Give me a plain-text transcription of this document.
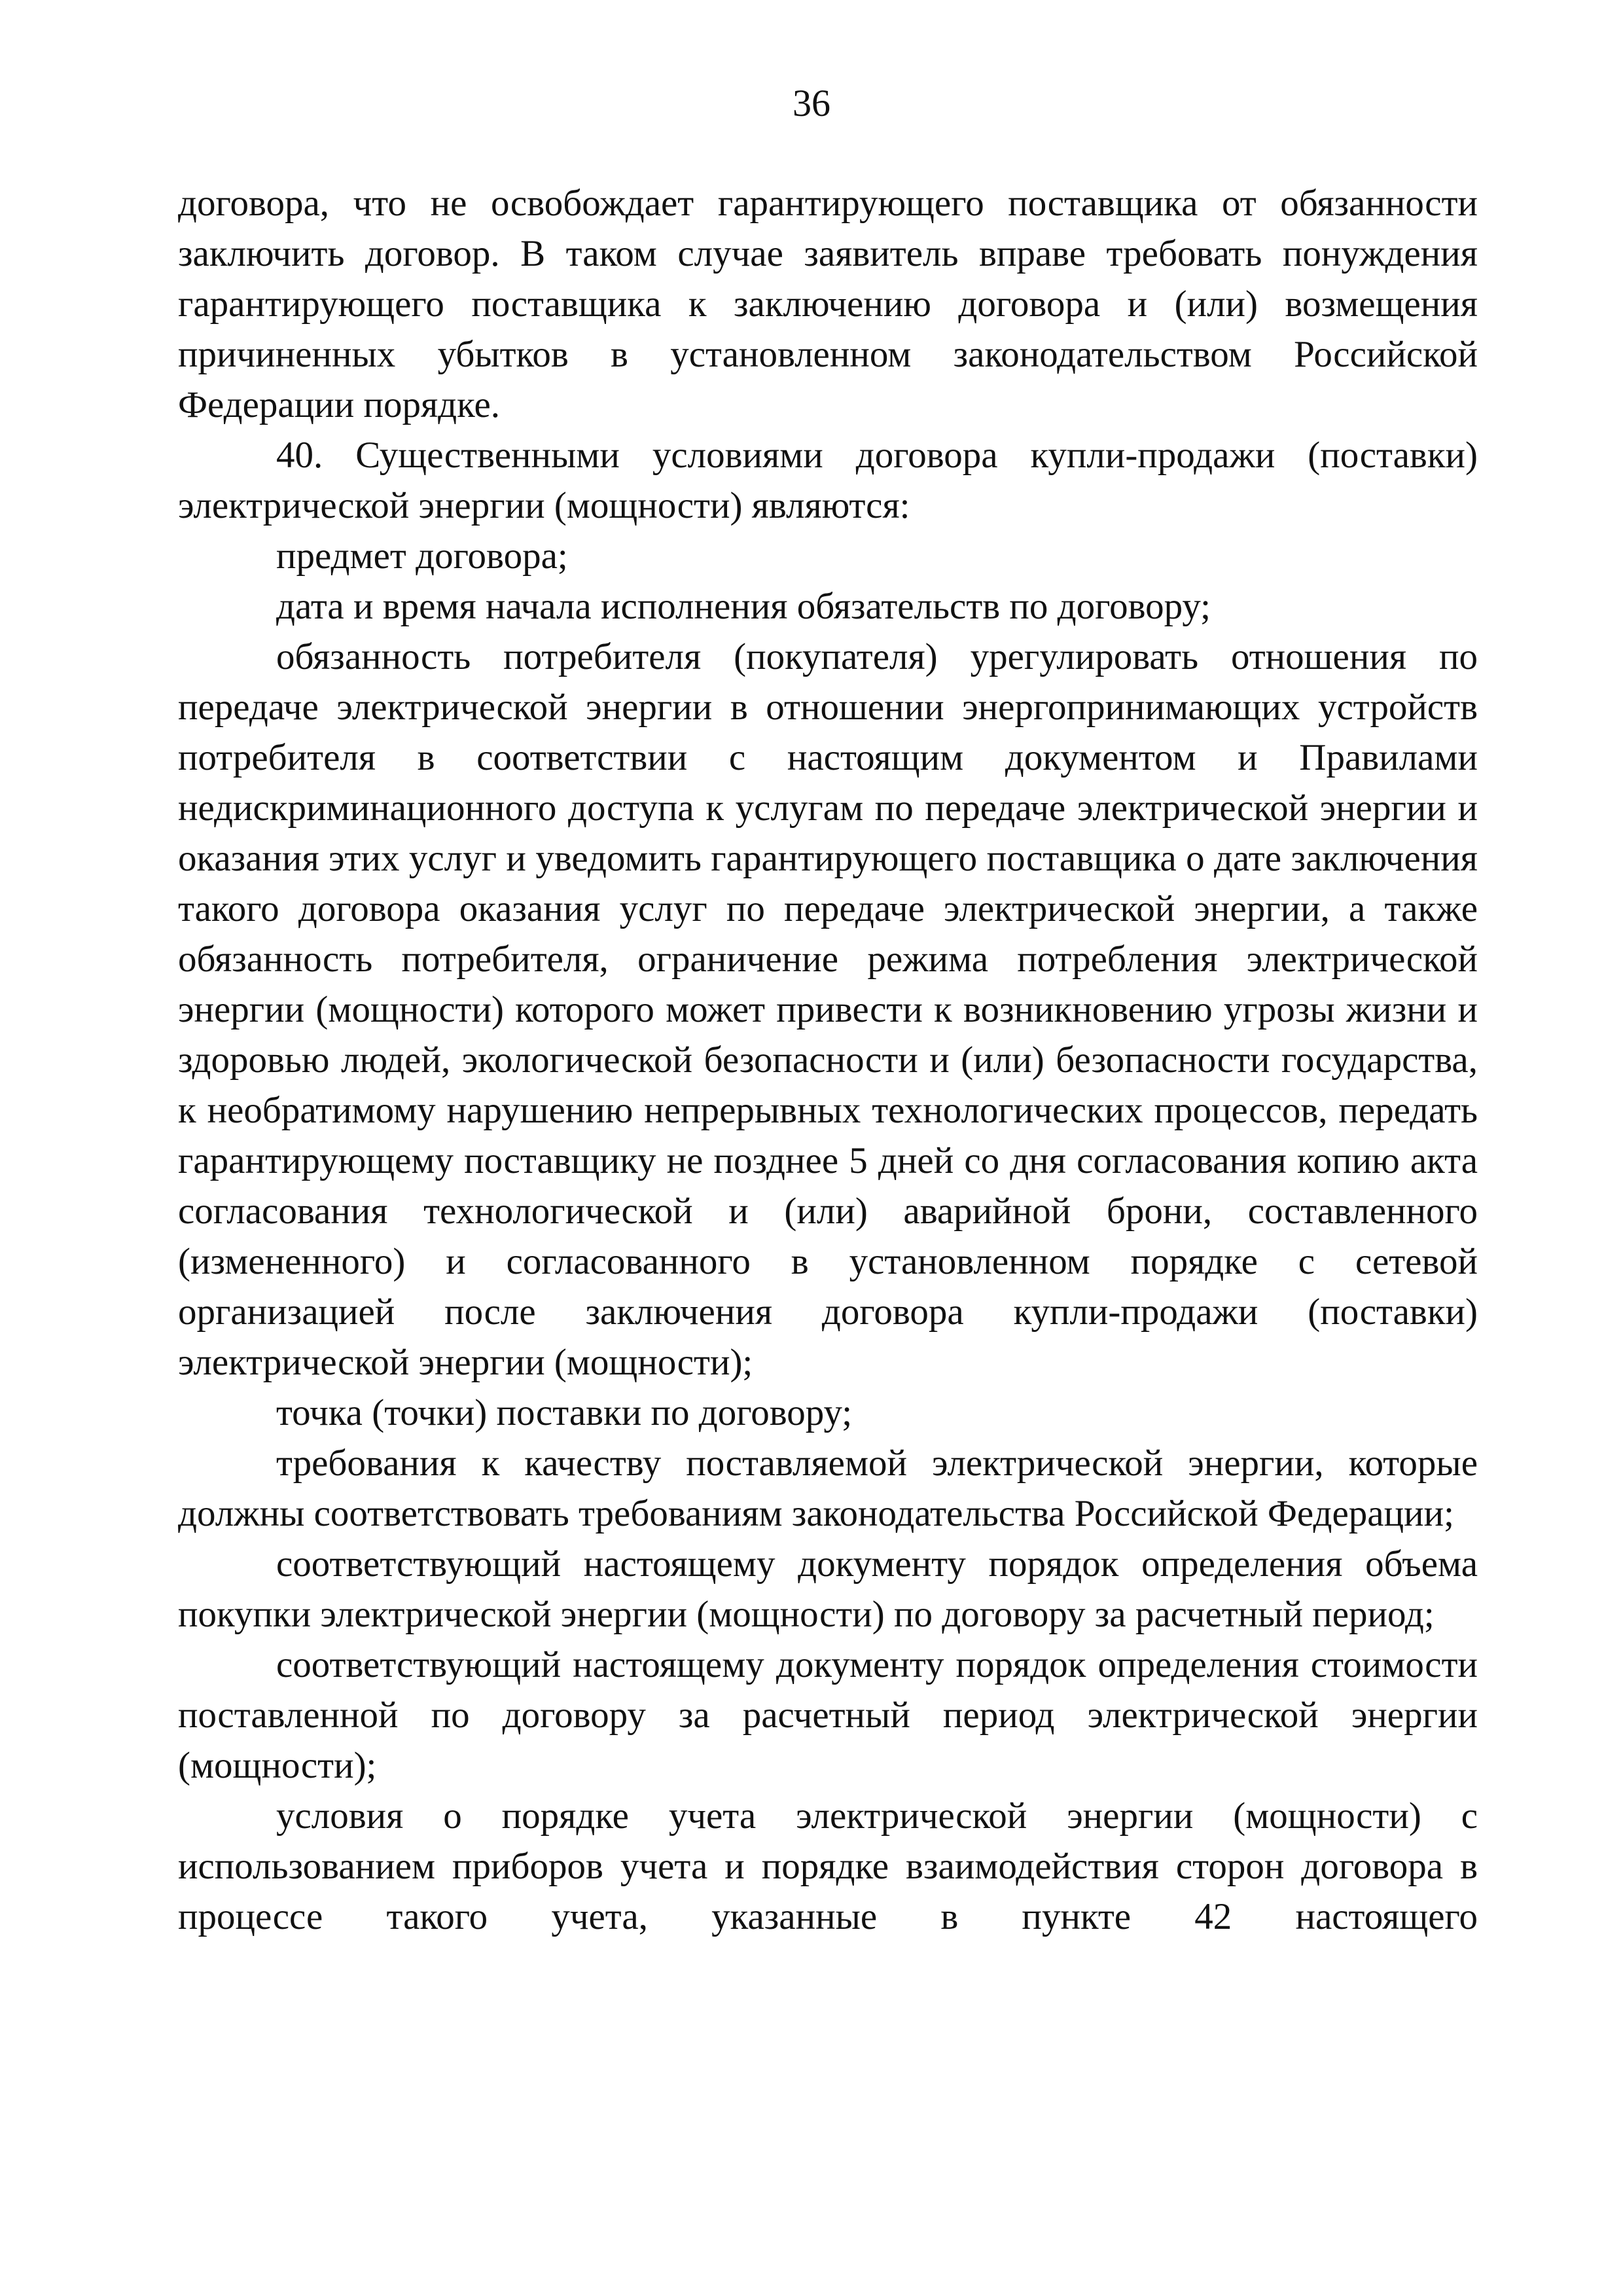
36

договора, что не освобождает гарантирующего поставщика от обязанности заключить договор. В таком случае заявитель вправе требовать понуждения гарантирующего поставщика к заключению договора и (или) возмещения причиненных убытков в установленном законодательством Российской Федерации порядке.

40. Существенными условиями договора купли-продажи (поставки) электрической энергии (мощности) являются:

предмет договора;

дата и время начала исполнения обязательств по договору;

обязанность потребителя (покупателя) урегулировать отношения по передаче электрической энергии в отношении энергопринимающих устройств потребителя в соответствии с настоящим документом и Правилами недискриминационного доступа к услугам по передаче электрической энергии и оказания этих услуг и уведомить гарантирующего поставщика о дате заключения такого договора оказания услуг по передаче электрической энергии, а также обязанность потребителя, ограничение режима потребления электрической энергии (мощности) которого может привести к возникновению угрозы жизни и здоровью людей, экологической безопасности и (или) безопасности государства, к необратимому нарушению непрерывных технологических процессов, передать гарантирующему поставщику не позднее 5 дней со дня согласования копию акта согласования технологической и (или) аварийной брони, составленного (измененного) и согласованного в установленном порядке с сетевой организацией после заключения договора купли-продажи (поставки) электрической энергии (мощности);

точка (точки) поставки по договору;

требования к качеству поставляемой электрической энергии, которые должны соответствовать требованиям законодательства Российской Федерации;

соответствующий настоящему документу порядок определения объема покупки электрической энергии (мощности) по договору за расчетный период;

соответствующий настоящему документу порядок определения стоимости поставленной по договору за расчетный период электрической энергии (мощности);

условия о порядке учета электрической энергии (мощности) с использованием приборов учета и порядке взаимодействия сторон договора в процессе такого учета, указанные в пункте 42 настоящего
